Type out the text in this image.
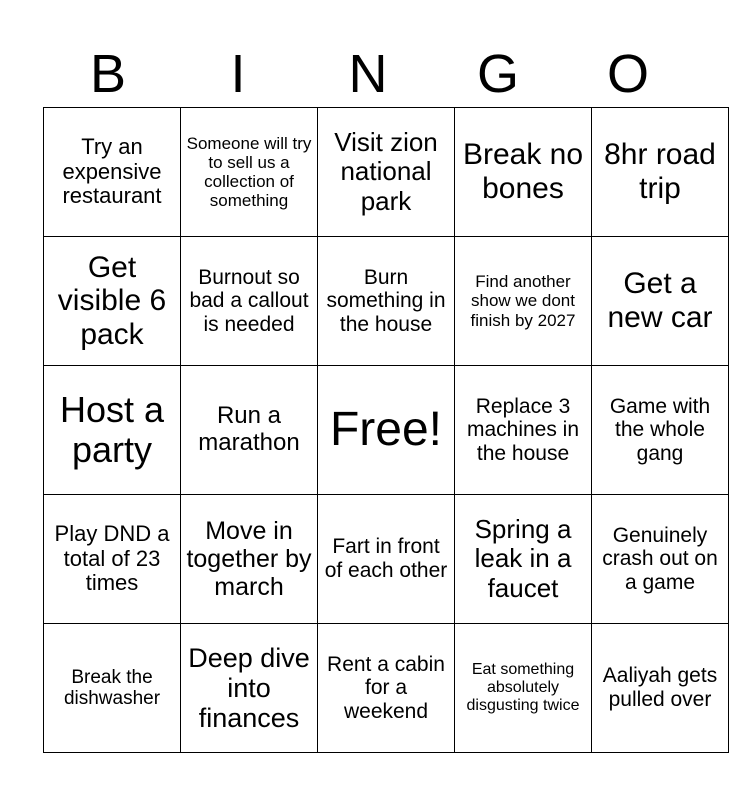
B	I	N	G	O
Try an expensive restaurant	Someone will try to sell us a collection of something	Visit zion national park	Break no bones	8hr road trip
Get visible 6 pack	Burnout so bad a callout is needed	Burn something in the house	Find another show we dont finish by 2027	Get a new car
Host a party	Run a marathon	Free!	Replace 3 machines in the house	Game with the whole gang
Play DND a total of 23 times	Move in together by march	Fart in front of each other	Spring a leak in a faucet	Genuinely crash out on a game
Break the dishwasher	Deep dive into finances	Rent a cabin for a weekend	Eat something absolutely disgusting twice	Aaliyah gets pulled over
